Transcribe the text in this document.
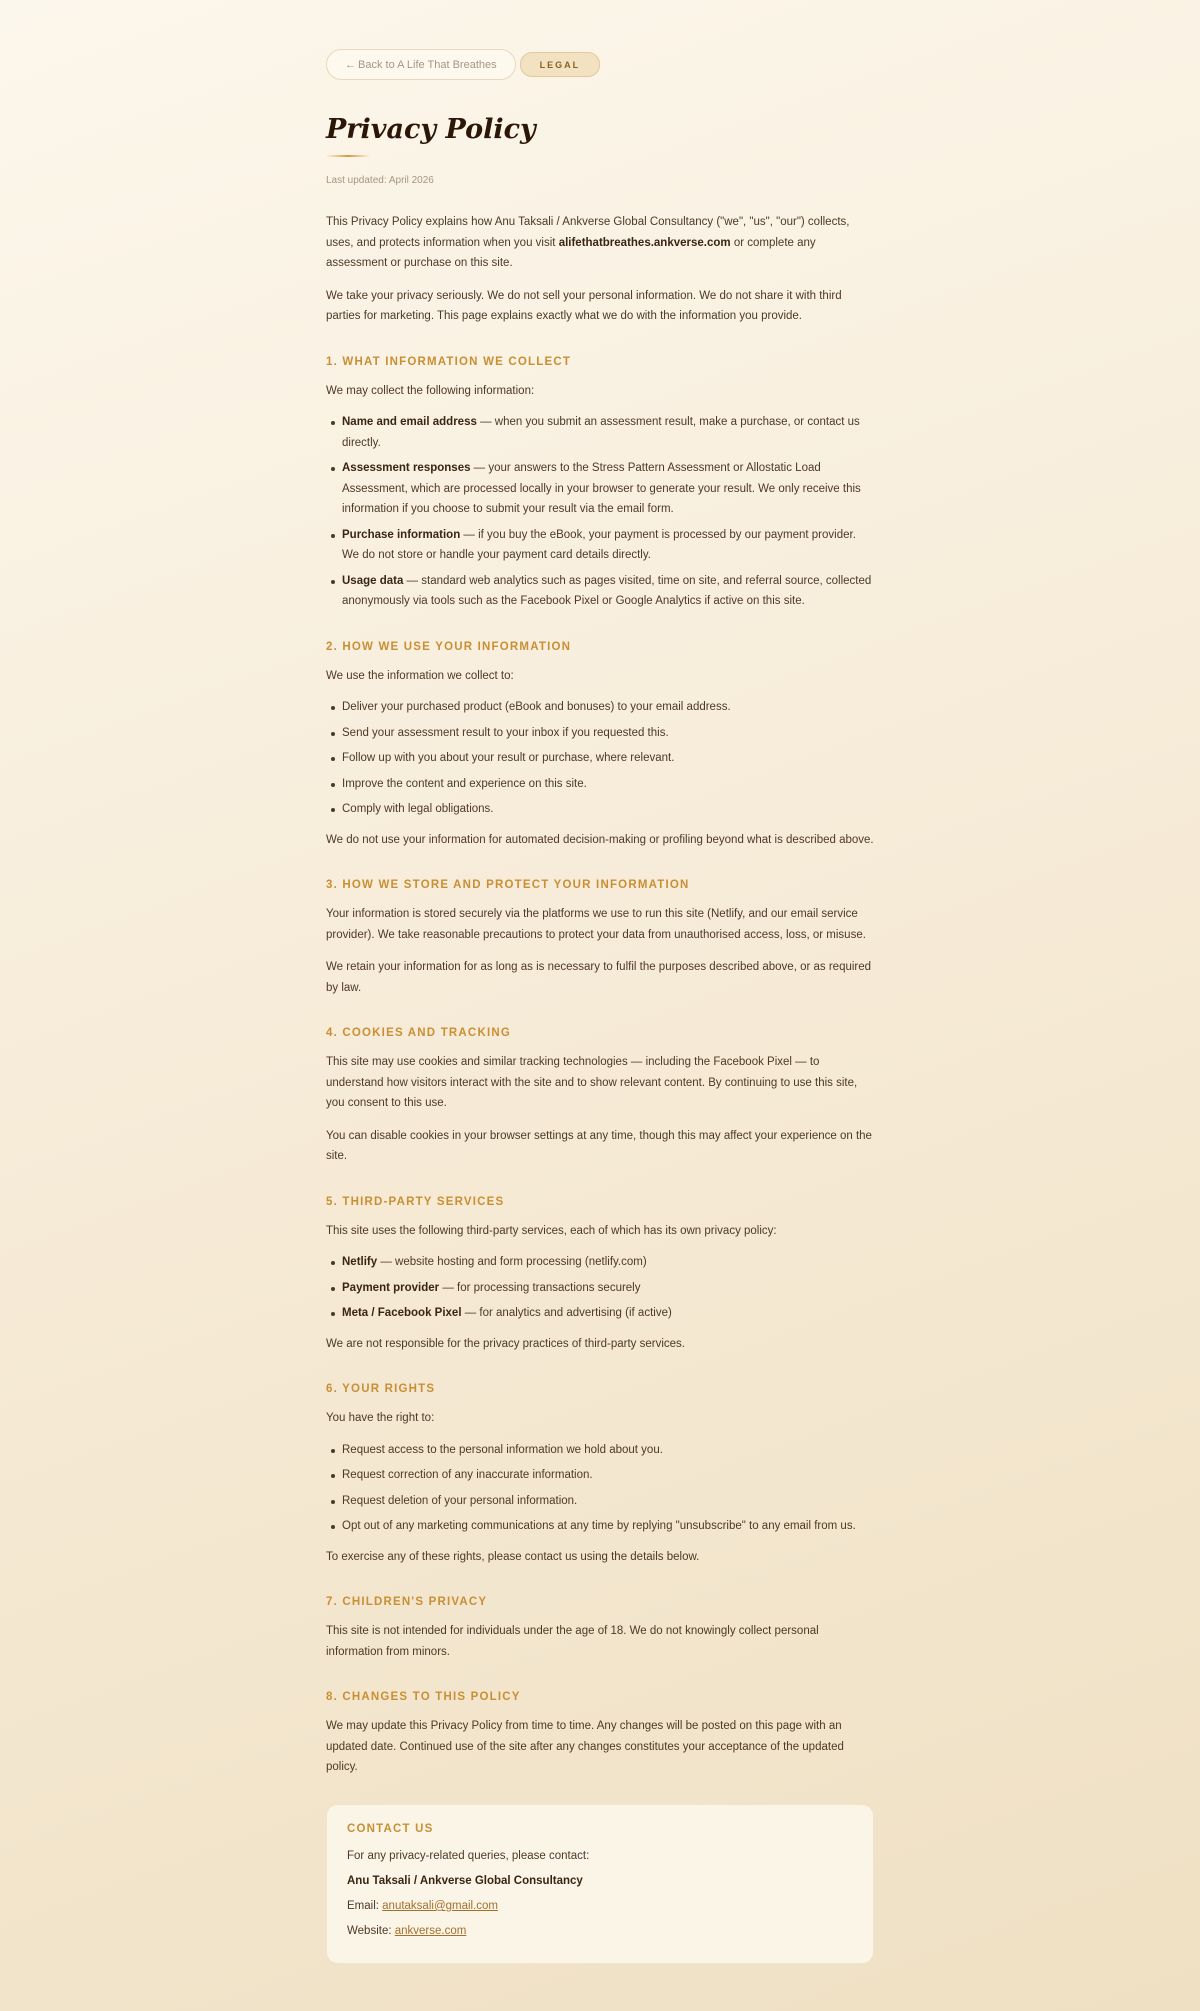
← Back to A Life That Breathes	LEGAL
Privacy Policy
Last updated: April 2026

This Privacy Policy explains how Anu Taksali / Ankverse Global Consultancy ("we", "us", "our") collects, uses, and protects information when you visit alifethatbreathes.ankverse.com or complete any assessment or purchase on this site.

We take your privacy seriously. We do not sell your personal information. We do not share it with third parties for marketing. This page explains exactly what we do with the information you provide.

1. WHAT INFORMATION WE COLLECT

We may collect the following information:

Name and email address — when you submit an assessment result, make a purchase, or contact us directly.
Assessment responses — your answers to the Stress Pattern Assessment or Allostatic Load Assessment, which are processed locally in your browser to generate your result. We only receive this information if you choose to submit your result via the email form.
Purchase information — if you buy the eBook, your payment is processed by our payment provider. We do not store or handle your payment card details directly.
Usage data — standard web analytics such as pages visited, time on site, and referral source, collected anonymously via tools such as the Facebook Pixel or Google Analytics if active on this site.
2. HOW WE USE YOUR INFORMATION

We use the information we collect to:

Deliver your purchased product (eBook and bonuses) to your email address.
Send your assessment result to your inbox if you requested this.
Follow up with you about your result or purchase, where relevant.
Improve the content and experience on this site.
Comply with legal obligations.

We do not use your information for automated decision-making or profiling beyond what is described above.

3. HOW WE STORE AND PROTECT YOUR INFORMATION

Your information is stored securely via the platforms we use to run this site (Netlify, and our email service provider). We take reasonable precautions to protect your data from unauthorised access, loss, or misuse.

We retain your information for as long as is necessary to fulfil the purposes described above, or as required by law.

4. COOKIES AND TRACKING

This site may use cookies and similar tracking technologies — including the Facebook Pixel — to understand how visitors interact with the site and to show relevant content. By continuing to use this site, you consent to this use.

You can disable cookies in your browser settings at any time, though this may affect your experience on the site.

5. THIRD-PARTY SERVICES

This site uses the following third-party services, each of which has its own privacy policy:

Netlify — website hosting and form processing (netlify.com)
Payment provider — for processing transactions securely
Meta / Facebook Pixel — for analytics and advertising (if active)

We are not responsible for the privacy practices of third-party services.

6. YOUR RIGHTS

You have the right to:

Request access to the personal information we hold about you.
Request correction of any inaccurate information.
Request deletion of your personal information.
Opt out of any marketing communications at any time by replying "unsubscribe" to any email from us.

To exercise any of these rights, please contact us using the details below.

7. CHILDREN'S PRIVACY

This site is not intended for individuals under the age of 18. We do not knowingly collect personal information from minors.

8. CHANGES TO THIS POLICY

We may update this Privacy Policy from time to time. Any changes will be posted on this page with an updated date. Continued use of the site after any changes constitutes your acceptance of the updated policy.

CONTACT US

For any privacy-related queries, please contact:

Anu Taksali / Ankverse Global Consultancy

Email: anutaksali@gmail.com

Website: ankverse.com
